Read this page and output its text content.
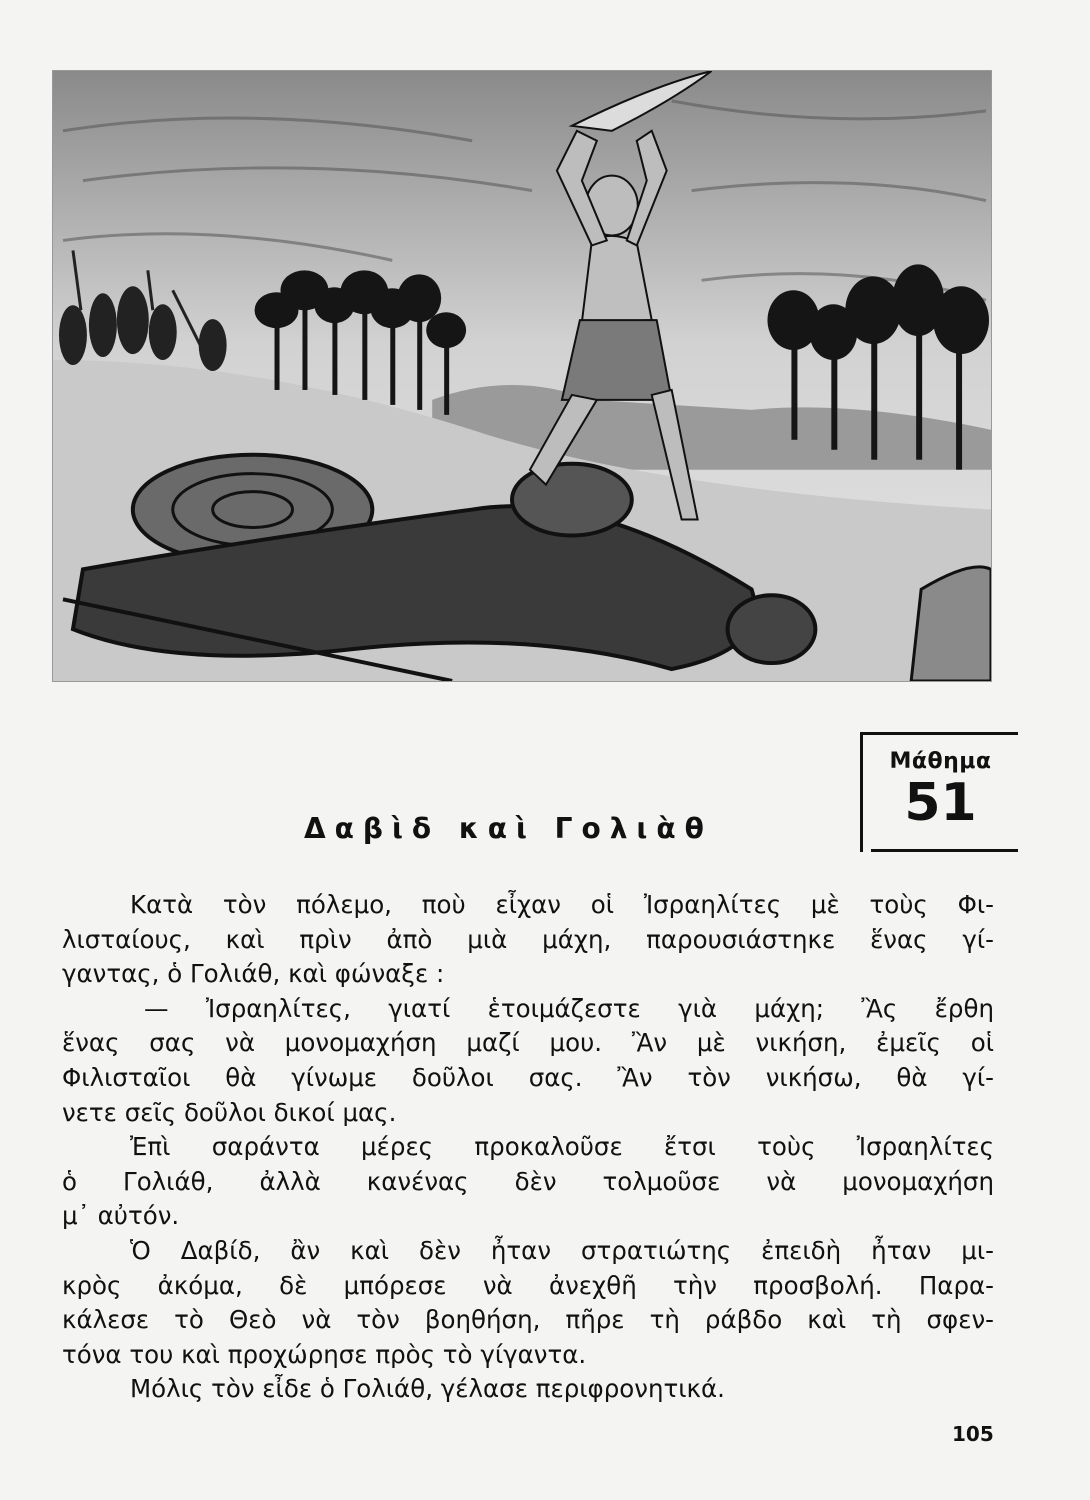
Μάθημα
51
Δαβὶδ καὶ Γολιὰθ
Κατὰ τὸν πόλεμο, ποὺ εἶχαν οἱ Ἰσραηλίτες μὲ τοὺς Φι-
λισταίους, καὶ πρὶν ἀπὸ μιὰ μάχη, παρουσιάστηκε ἕνας γί-
γαντας, ὁ Γολιάθ, καὶ φώναξε :
— Ἰσραηλίτες, γιατί ἑτοιμάζεστε γιὰ μάχη; Ἂς ἔρθη
ἕνας σας νὰ μονομαχήση μαζί μου. Ἂν μὲ νικήση, ἐμεῖς οἱ
Φιλισταῖοι θὰ γίνωμε δοῦλοι σας. Ἂν τὸν νικήσω, θὰ γί-
νετε σεῖς δοῦλοι δικοί μας.
Ἐπὶ σαράντα μέρες προκαλοῦσε ἔτσι τοὺς Ἰσραηλίτες
ὁ Γολιάθ, ἀλλὰ κανένας δὲν τολμοῦσε νὰ μονομαχήση
μ᾽ αὐτόν.
Ὁ Δαβίδ, ἂν καὶ δὲν ἦταν στρατιώτης ἐπειδὴ ἦταν μι-
κρὸς ἀκόμα, δὲ μπόρεσε νὰ ἀνεχθῆ τὴν προσβολή. Παρα-
κάλεσε τὸ Θεὸ νὰ τὸν βοηθήση, πῆρε τὴ ράβδο καὶ τὴ σφεν-
τόνα του καὶ προχώρησε πρὸς τὸ γίγαντα.
Μόλις τὸν εἶδε ὁ Γολιάθ, γέλασε περιφρονητικά.
105
